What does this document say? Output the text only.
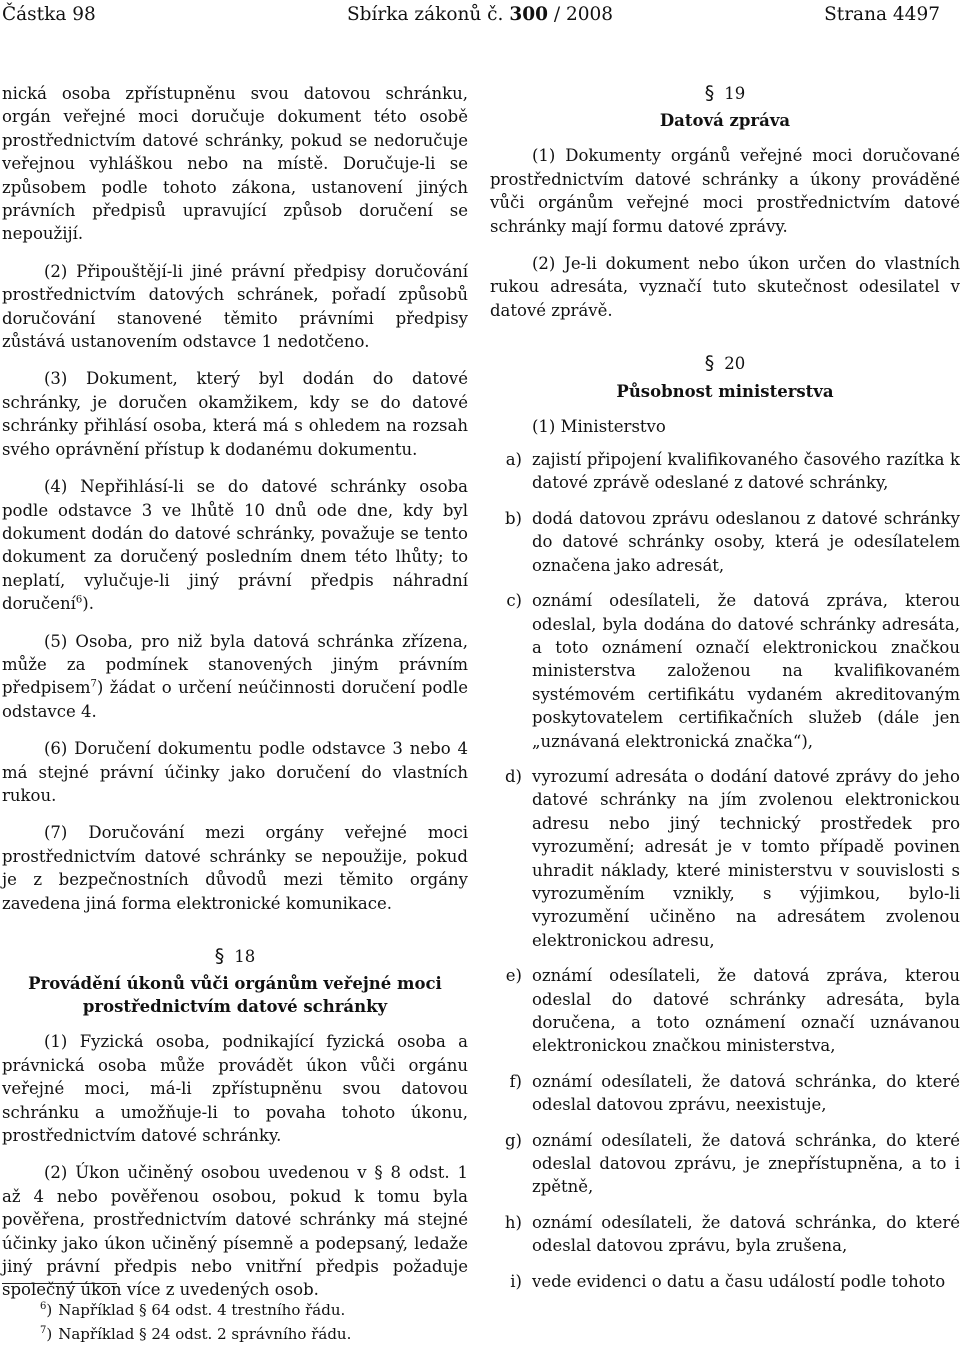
Částka 98	Sbírka zákonů č. 300 / 2008	Strana 4497

nická osoba zpřístupněnu svou datovou schránku, orgán veřejné moci doručuje dokument této osobě prostřednictvím datové schránky, pokud se nedoručuje veřejnou vyhláškou nebo na místě. Doručuje-li se způsobem podle tohoto zákona, ustanovení jiných právních předpisů upravující způsob doručení se nepoužijí.

(2) Připouštějí-li jiné právní předpisy doručování prostřednictvím datových schránek, pořadí způsobů doručování stanovené těmito právními předpisy zůstává ustanovením odstavce 1 nedotčeno.

(3) Dokument, který byl dodán do datové schránky, je doručen okamžikem, kdy se do datové schránky přihlásí osoba, která má s ohledem na rozsah svého oprávnění přístup k dodanému dokumentu.

(4) Nepřihlásí-li se do datové schránky osoba podle odstavce 3 ve lhůtě 10 dnů ode dne, kdy byl dokument dodán do datové schránky, považuje se tento dokument za doručený posledním dnem této lhůty; to neplatí, vylučuje-li jiný právní předpis náhradní doručení$^6$).

(5) Osoba, pro niž byla datová schránka zřízena, může za podmínek stanovených jiným právním předpisem$^7$) žádat o určení neúčinnosti doručení podle odstavce 4.

(6) Doručení dokumentu podle odstavce 3 nebo 4 má stejné právní účinky jako doručení do vlastních rukou.

(7) Doručování mezi orgány veřejné moci prostřednictvím datové schránky se nepoužije, pokud je z bezpečnostních důvodů mezi těmito orgány zavedena jiná forma elektronické komunikace.

§ 18
Provádění úkonů vůči orgánům veřejné moci prostřednictvím datové schránky

(1) Fyzická osoba, podnikající fyzická osoba a právnická osoba může provádět úkon vůči orgánu veřejné moci, má-li zpřístupněnu svou datovou schránku a umožňuje-li to povaha tohoto úkonu, prostřednictvím datové schránky.

(2) Úkon učiněný osobou uvedenou v § 8 odst. 1 až 4 nebo pověřenou osobou, pokud k tomu byla pověřena, prostřednictvím datové schránky má stejné účinky jako úkon učiněný písemně a podepsaný, ledaže jiný právní předpis nebo vnitřní předpis požaduje společný úkon více z uvedených osob.

§ 19
Datová zpráva

(1) Dokumenty orgánů veřejné moci doručované prostřednictvím datové schránky a úkony prováděné vůči orgánům veřejné moci prostřednictvím datové schránky mají formu datové zprávy.

(2) Je-li dokument nebo úkon určen do vlastních rukou adresáta, vyznačí tuto skutečnost odesilatel v datové zprávě.

§ 20
Působnost ministerstva

(1) Ministerstvo

a) zajistí připojení kvalifikovaného časového razítka k datové zprávě odeslané z datové schránky,
b) dodá datovou zprávu odeslanou z datové schránky do datové schránky osoby, která je odesílatelem označena jako adresát,
c) oznámí odesílateli, že datová zpráva, kterou odeslal, byla dodána do datové schránky adresáta, a toto oznámení označí elektronickou značkou ministerstva založenou na kvalifikovaném systémovém certifikátu vydaném akreditovaným poskytovatelem certifikačních služeb (dále jen „uznávaná elektronická značka“),
d) vyrozumí adresáta o dodání datové zprávy do jeho datové schránky na jím zvolenou elektronickou adresu nebo jiný technický prostředek pro vyrozumění; adresát je v tomto případě povinen uhradit náklady, které ministerstvu v souvislosti s vyrozuměním vznikly, s výjimkou, bylo-li vyrozumění učiněno na adresátem zvolenou elektronickou adresu,
e) oznámí odesílateli, že datová zpráva, kterou odeslal do datové schránky adresáta, byla doručena, a toto oznámení označí uznávanou elektronickou značkou ministerstva,
f) oznámí odesílateli, že datová schránka, do které odeslal datovou zprávu, neexistuje,
g) oznámí odesílateli, že datová schránka, do které odeslal datovou zprávu, je znepřístupněna, a to i zpětně,
h) oznámí odesílateli, že datová schránka, do které odeslal datovou zprávu, byla zrušena,
i) vede evidenci o datu a času událostí podle tohoto
$^6$) Například § 64 odst. 4 trestního řádu.
$^7$) Například § 24 odst. 2 správního řádu.
